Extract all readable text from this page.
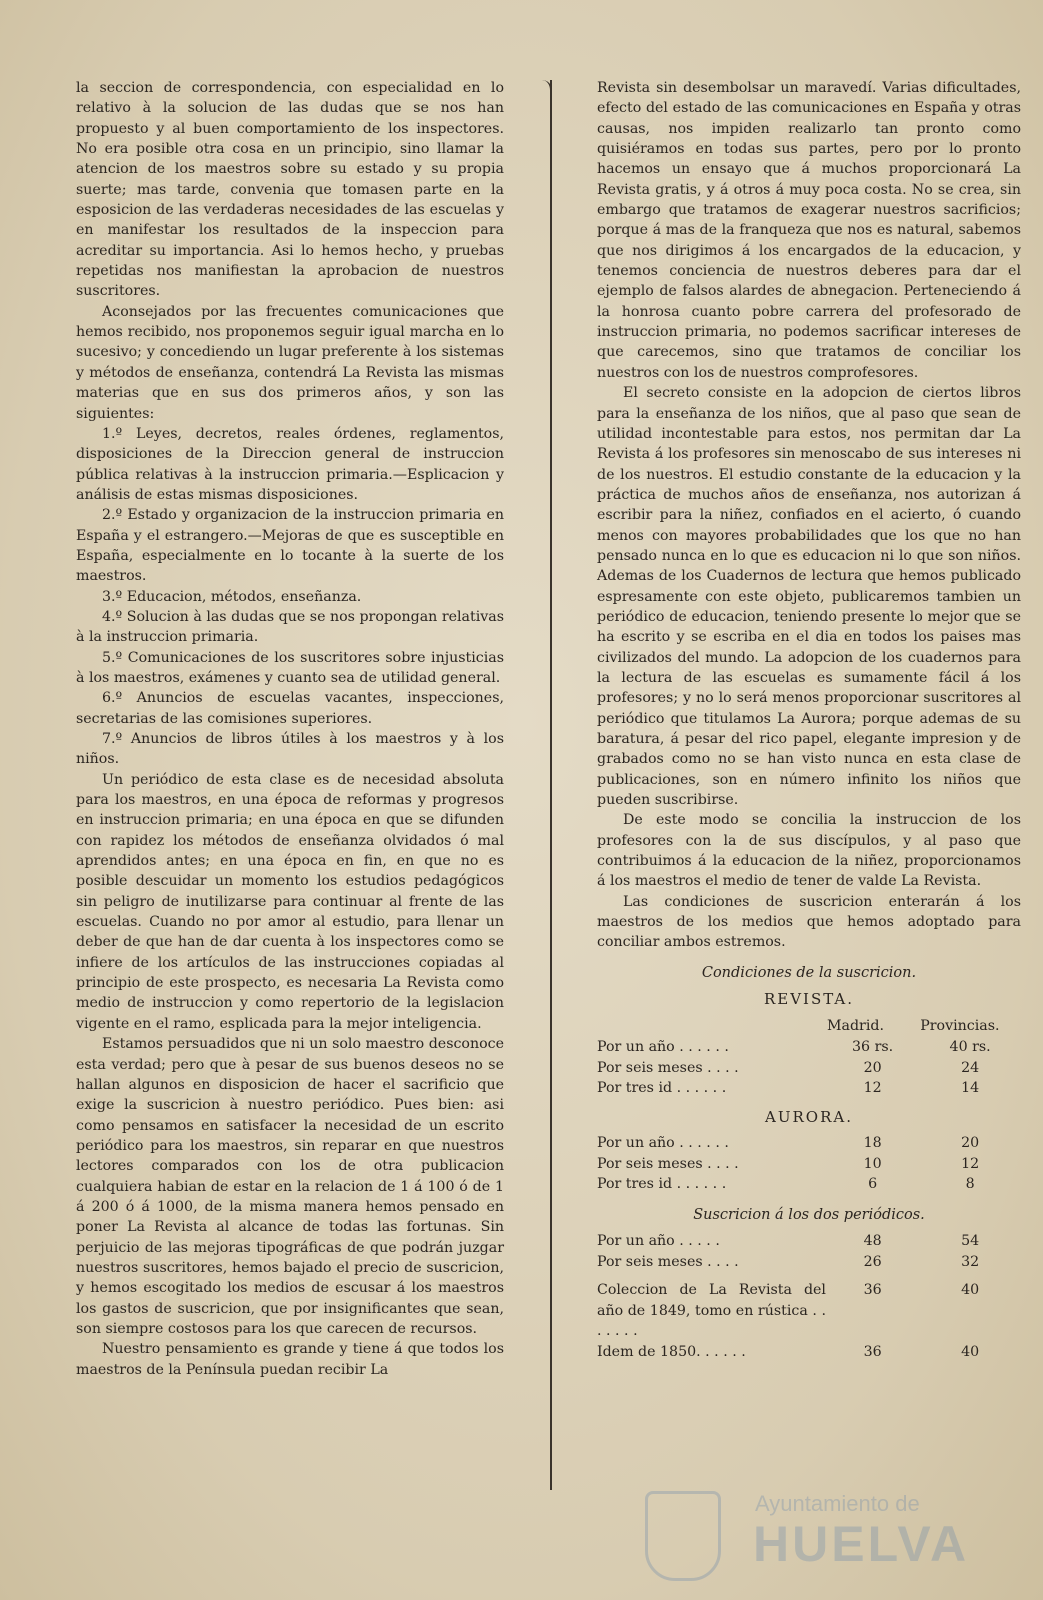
la seccion de correspondencia, con especialidad en lo relativo à la solucion de las dudas que se nos han propuesto y al buen comportamiento de los inspectores. No era posible otra cosa en un principio, sino llamar la atencion de los maestros sobre su estado y su propia suerte; mas tarde, convenia que tomasen parte en la esposicion de las verdaderas necesidades de las escuelas y en manifestar los resultados de la inspeccion para acreditar su importancia. Asi lo hemos hecho, y pruebas repetidas nos manifiestan la aprobacion de nuestros suscritores.

Aconsejados por las frecuentes comunicaciones que hemos recibido, nos proponemos seguir igual marcha en lo sucesivo; y concediendo un lugar preferente à los sistemas y métodos de enseñanza, contendrá La Revista las mismas materias que en sus dos primeros años, y son las siguientes:

1.º Leyes, decretos, reales órdenes, reglamentos, disposiciones de la Direccion general de instruccion pública relativas à la instruccion primaria.—Esplicacion y análisis de estas mismas disposiciones.

2.º Estado y organizacion de la instruccion primaria en España y el estrangero.—Mejoras de que es susceptible en España, especialmente en lo tocante à la suerte de los maestros.

3.º Educacion, métodos, enseñanza.

4.º Solucion à las dudas que se nos propongan relativas à la instruccion primaria.

5.º Comunicaciones de los suscritores sobre injusticias à los maestros, exámenes y cuanto sea de utilidad general.

6.º Anuncios de escuelas vacantes, inspecciones, secretarias de las comisiones superiores.

7.º Anuncios de libros útiles à los maestros y à los niños.

Un periódico de esta clase es de necesidad absoluta para los maestros, en una época de reformas y progresos en instruccion primaria; en una época en que se difunden con rapidez los métodos de enseñanza olvidados ó mal aprendidos antes; en una época en fin, en que no es posible descuidar un momento los estudios pedagógicos sin peligro de inutilizarse para continuar al frente de las escuelas. Cuando no por amor al estudio, para llenar un deber de que han de dar cuenta à los inspectores como se infiere de los artículos de las instrucciones copiadas al principio de este prospecto, es necesaria La Revista como medio de instruccion y como repertorio de la legislacion vigente en el ramo, esplicada para la mejor inteligencia.

Estamos persuadidos que ni un solo maestro desconoce esta verdad; pero que à pesar de sus buenos deseos no se hallan algunos en disposicion de hacer el sacrificio que exige la suscricion à nuestro periódico. Pues bien: asi como pensamos en satisfacer la necesidad de un escrito periódico para los maestros, sin reparar en que nuestros lectores comparados con los de otra publicacion cualquiera habian de estar en la relacion de 1 á 100 ó de 1 á 200 ó á 1000, de la misma manera hemos pensado en poner La Revista al alcance de todas las fortunas. Sin perjuicio de las mejoras tipográficas de que podrán juzgar nuestros suscritores, hemos bajado el precio de suscricion, y hemos escogitado los medios de escusar á los maestros los gastos de suscricion, que por insignificantes que sean, son siempre costosos para los que carecen de recursos.

Nuestro pensamiento es grande y tiene á que todos los maestros de la Península puedan recibir La

Revista sin desembolsar un maravedí. Varias dificultades, efecto del estado de las comunicaciones en España y otras causas, nos impiden realizarlo tan pronto como quisiéramos en todas sus partes, pero por lo pronto hacemos un ensayo que á muchos proporcionará La Revista gratis, y á otros á muy poca costa. No se crea, sin embargo que tratamos de exagerar nuestros sacrificios; porque á mas de la franqueza que nos es natural, sabemos que nos dirigimos á los encargados de la educacion, y tenemos conciencia de nuestros deberes para dar el ejemplo de falsos alardes de abnegacion. Perteneciendo á la honrosa cuanto pobre carrera del profesorado de instruccion primaria, no podemos sacrificar intereses de que carecemos, sino que tratamos de conciliar los nuestros con los de nuestros comprofesores.

El secreto consiste en la adopcion de ciertos libros para la enseñanza de los niños, que al paso que sean de utilidad incontestable para estos, nos permitan dar La Revista á los profesores sin menoscabo de sus intereses ni de los nuestros. El estudio constante de la educacion y la práctica de muchos años de enseñanza, nos autorizan á escribir para la niñez, confiados en el acierto, ó cuando menos con mayores probabilidades que los que no han pensado nunca en lo que es educacion ni lo que son niños. Ademas de los Cuadernos de lectura que hemos publicado espresamente con este objeto, publicaremos tambien un periódico de educacion, teniendo presente lo mejor que se ha escrito y se escriba en el dia en todos los paises mas civilizados del mundo. La adopcion de los cuadernos para la lectura de las escuelas es sumamente fácil á los profesores; y no lo será menos proporcionar suscritores al periódico que titulamos La Aurora; porque ademas de su baratura, á pesar del rico papel, elegante impresion y de grabados como no se han visto nunca en esta clase de publicaciones, son en número infinito los niños que pueden suscribirse.

De este modo se concilia la instruccion de los profesores con la de sus discípulos, y al paso que contribuimos á la educacion de la niñez, proporcionamos á los maestros el medio de tener de valde La Revista.

Las condiciones de suscricion enterarán á los maestros de los medios que hemos adoptado para conciliar ambos estremos.

Condiciones de la suscricion.
REVISTA.
	Madrid.	Provincias.
Por un año . . . . . .	36 rs.	40 rs.
Por seis meses . . . .	20	24
Por tres id . . . . . .	12	14
AURORA.
Por un año . . . . . .	18	20
Por seis meses . . . .	10	12
Por tres id . . . . . .	6	8
Suscricion á los dos periódicos.
Por un año . . . . .	48	54
Por seis meses . . . .	26	32
Coleccion de La Revista del año de 1849, tomo en rústica . . . . . . .	36	40
Idem de 1850. . . . . .	36	40
Ayuntamiento de
HUELVA
